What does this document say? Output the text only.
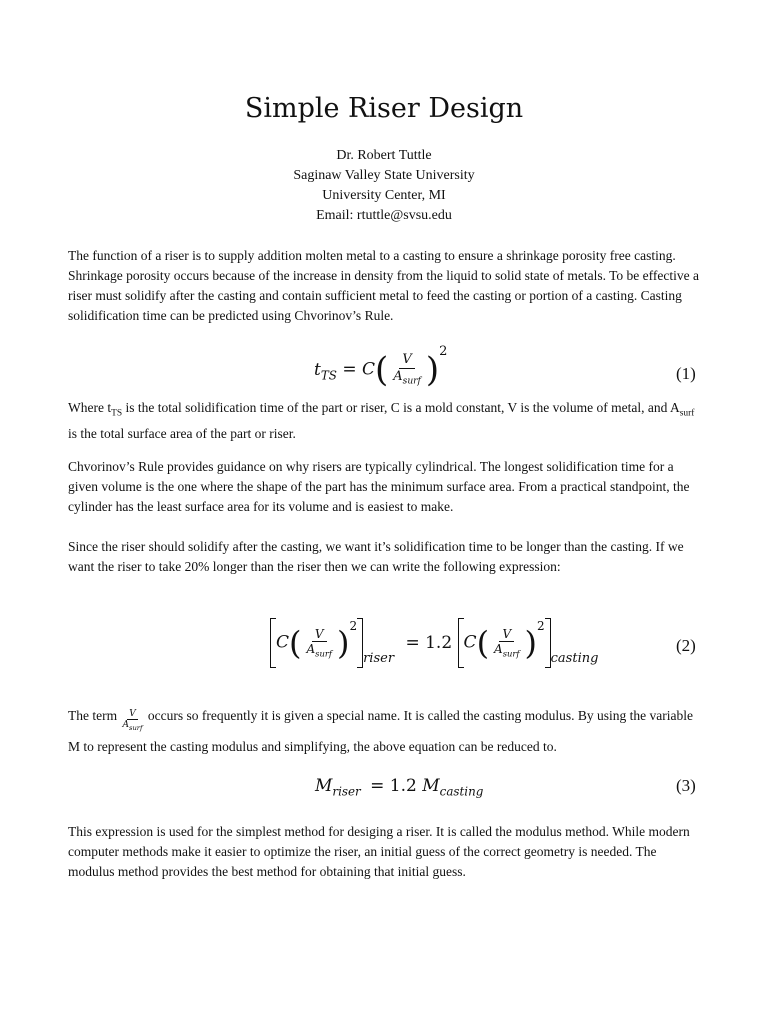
Simple Riser Design
Dr. Robert Tuttle
Saginaw Valley State University
University Center, MI
Email: rtuttle@svsu.edu

The function of a riser is to supply addition molten metal to a casting to ensure a shrinkage porosity free casting. Shrinkage porosity occurs because of the increase in density from the liquid to solid state of metals. To be effective a riser must solidify after the casting and contain sufficient metal to feed the casting or portion of a casting. Casting solidification time can be predicted using Chvorinov’s Rule.

$t_{TS} = C( \frac{V}{A_{surf}} )^2$
(1)

Where $t_{TS}$ is the total solidification time of the part or riser, C is a mold constant, V is the volume of metal, and $A_{surf}$ is the total surface area of the part or riser.

Chvorinov’s Rule provides guidance on why risers are typically cylindrical. The longest solidification time for a given volume is the one where the shape of the part has the minimum surface area. From a practical standpoint, the cylinder has the least surface area for its volume and is easiest to make.

Since the riser should solidify after the casting, we want it’s solidification time to be longer than the casting. If we want the riser to take 20% longer than the riser then we can write the following expression:

$C( \frac{V}{A_{surf}} )^2_{riser} = 1.2$ $C( \frac{V}{A_{surf}} )^2_{casting}$
(2)

The term $\frac{V}{A_{surf}}$ occurs so frequently it is given a special name. It is called the casting modulus. By using the variable M to represent the casting modulus and simplifying, the above equation can be reduced to.

$M_{riser} = 1.2$ $M_{casting}$	(3)

This expression is used for the simplest method for desiging a riser. It is called the modulus method. While modern computer methods make it easier to optimize the riser, an initial guess of the correct geometry is needed. The modulus method provides the best method for obtaining that initial guess.
